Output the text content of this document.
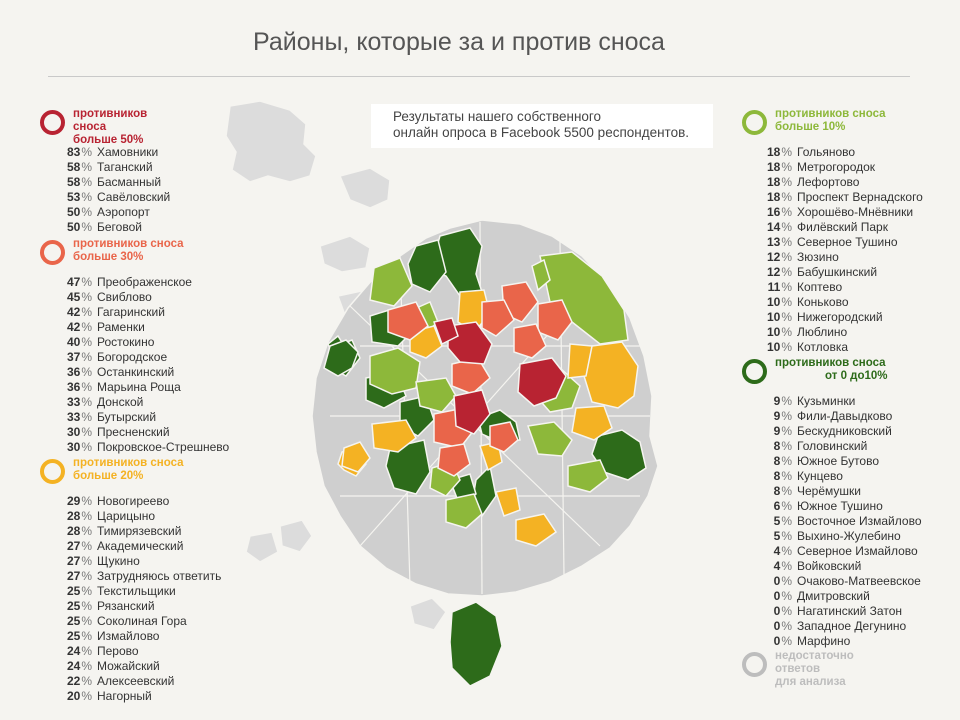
Районы, которые за и против сноса
Результаты нашего собственного
онлайн опроса в Facebook 5500 респондентов.
противников сноса
больше 50%
83% Хамовники
58% Таганский
58% Басманный
53% Савёловский
50% Аэропорт
50% Беговой
противников сноса
больше 30%
47% Преображенское
45% Свиблово
42% Гагаринский
42% Раменки
40% Ростокино
37% Богородское
36% Останкинский
36% Марьина Роща
33% Донской
33% Бутырский
30% Пресненский
30% Покровское-Стрешнево
противников сноса
больше 20%
29% Новогиреево
28% Царицыно
28% Тимирязевский
27% Академический
27% Щукино
27% Затрудняюсь ответить
25% Текстильщики
25% Рязанский
25% Соколиная Гора
25% Измайлово
24% Перово
24% Можайский
22% Алексеевский
20% Нагорный
противников сноса
больше 10%
18% Гольяново
18% Метрогородок
18% Лефортово
18% Проспект Вернадского
16% Хорошёво-Мнёвники
14% Филёвский Парк
13% Северное Тушино
12% Зюзино
12% Бабушкинский
11% Коптево
10% Коньково
10% Нижегородский
10% Люблино
10% Котловка
противников сноса
от 0 до10%
9% Кузьминки
9% Фили-Давыдково
9% Бескудниковский
8% Головинский
8% Южное Бутово
8% Кунцево
8% Черёмушки
6% Южное Тушино
5% Восточное Измайлово
5% Выхино-Жулебино
4% Северное Измайлово
4% Войковский
0% Очаково-Матвеевское
0% Дмитровский
0% Нагатинский Затон
0% Западное Дегунино
0% Марфино
недостаточно ответов
для анализа
